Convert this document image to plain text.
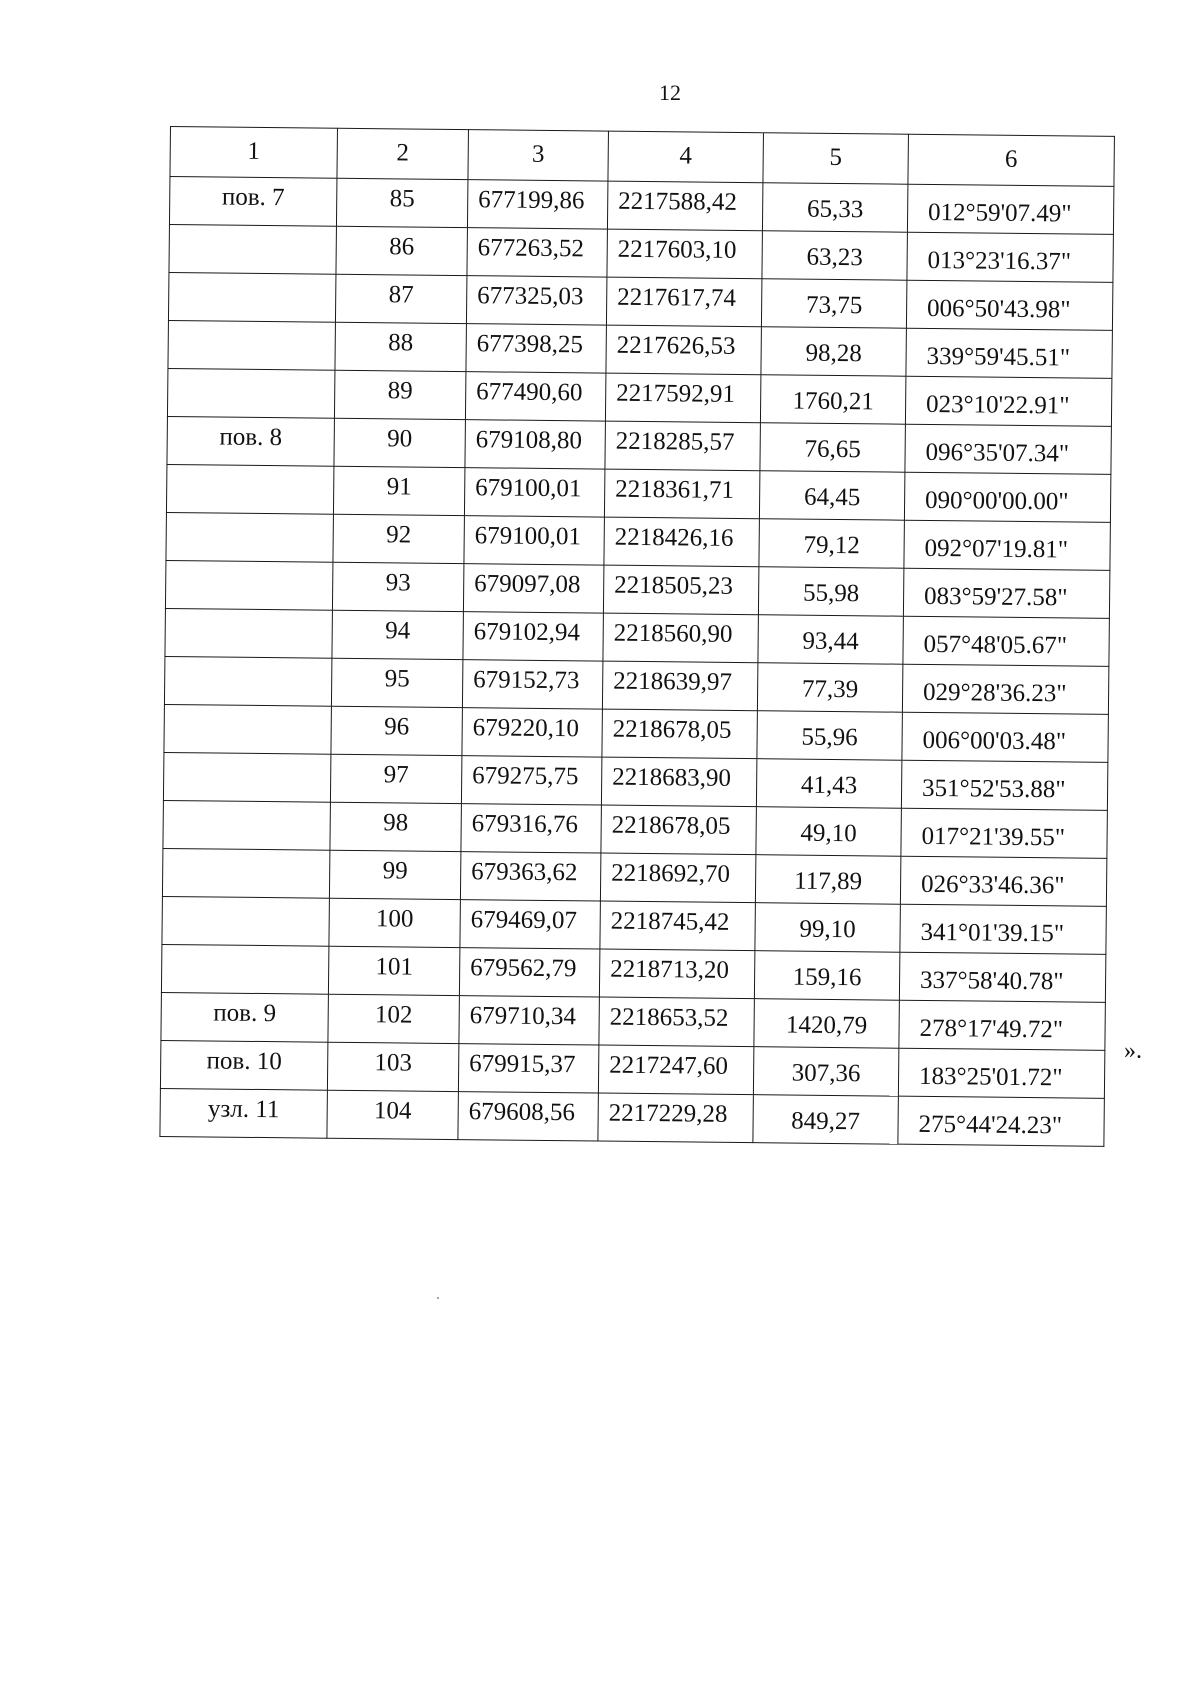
12
1	2	3	4	5	6
пов. 7	85	677199,86	2217588,42	65,33	012°59'07.49"
	86	677263,52	2217603,10	63,23	013°23'16.37"
	87	677325,03	2217617,74	73,75	006°50'43.98"
	88	677398,25	2217626,53	98,28	339°59'45.51"
	89	677490,60	2217592,91	1760,21	023°10'22.91"
пов. 8	90	679108,80	2218285,57	76,65	096°35'07.34"
	91	679100,01	2218361,71	64,45	090°00'00.00"
	92	679100,01	2218426,16	79,12	092°07'19.81"
	93	679097,08	2218505,23	55,98	083°59'27.58"
	94	679102,94	2218560,90	93,44	057°48'05.67"
	95	679152,73	2218639,97	77,39	029°28'36.23"
	96	679220,10	2218678,05	55,96	006°00'03.48"
	97	679275,75	2218683,90	41,43	351°52'53.88"
	98	679316,76	2218678,05	49,10	017°21'39.55"
	99	679363,62	2218692,70	117,89	026°33'46.36"
	100	679469,07	2218745,42	99,10	341°01'39.15"
	101	679562,79	2218713,20	159,16	337°58'40.78"
пов. 9	102	679710,34	2218653,52	1420,79	278°17'49.72"
пов. 10	103	679915,37	2217247,60	307,36	183°25'01.72"
узл. 11	104	679608,56	2217229,28	849,27	275°44'24.23"
».
